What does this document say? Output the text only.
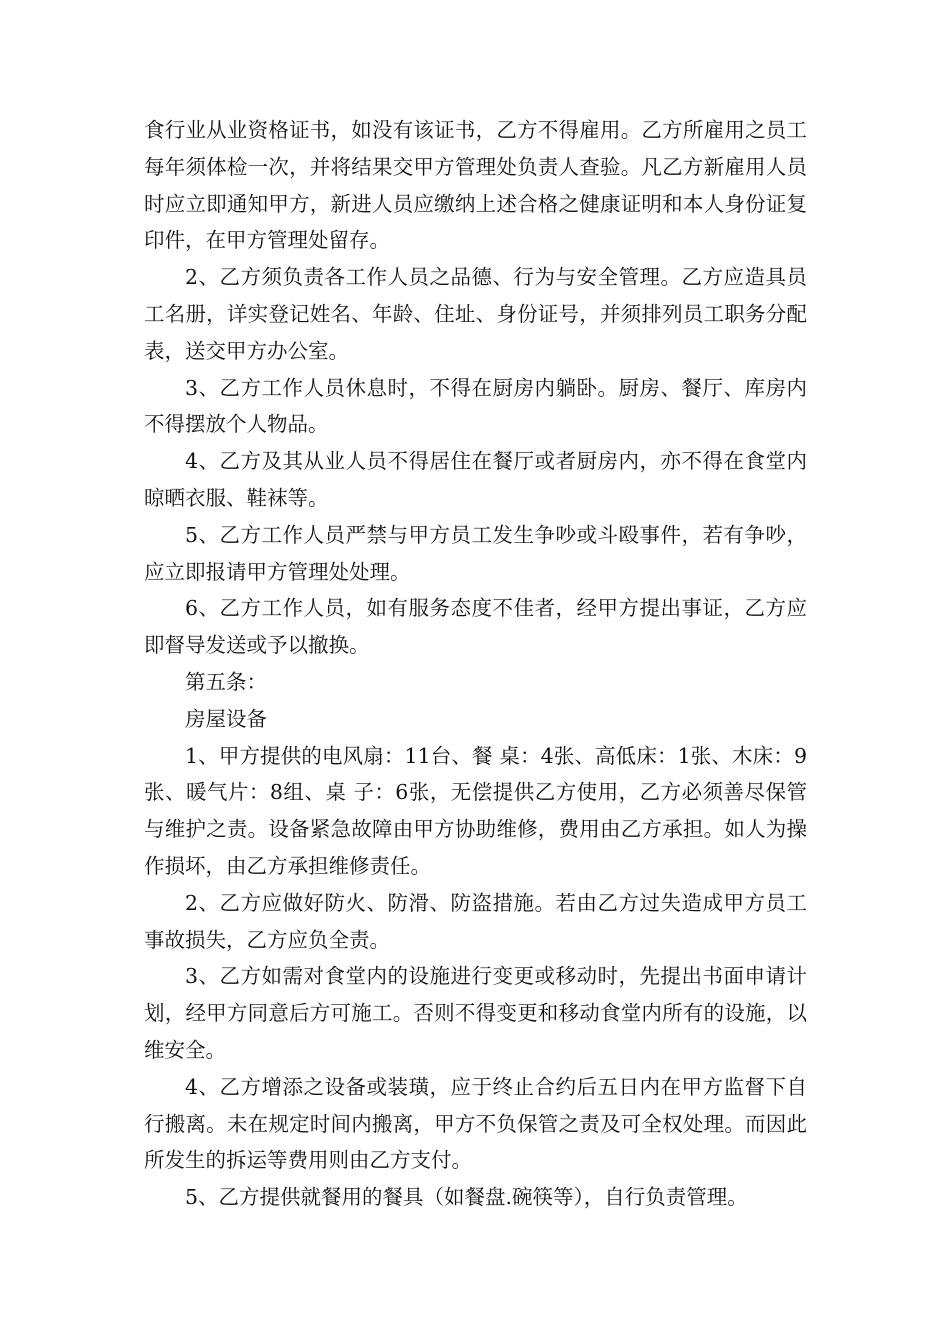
食行业从业资格证书，如没有该证书，乙方不得雇用。乙方所雇用之员工每年须体检一次，并将结果交甲方管理处负责人查验。凡乙方新雇用人员时应立即通知甲方，新进人员应缴纳上述合格之健康证明和本人身份证复印件，在甲方管理处留存。

2、乙方须负责各工作人员之品德、行为与安全管理。乙方应造具员工名册，详实登记姓名、年龄、住址、身份证号，并须排列员工职务分配表，送交甲方办公室。

3、乙方工作人员休息时，不得在厨房内躺卧。厨房、餐厅、库房内不得摆放个人物品。

4、乙方及其从业人员不得居住在餐厅或者厨房内，亦不得在食堂内晾晒衣服、鞋袜等。

5、乙方工作人员严禁与甲方员工发生争吵或斗殴事件，若有争吵，应立即报请甲方管理处处理。

6、乙方工作人员，如有服务态度不佳者，经甲方提出事证，乙方应即督导发送或予以撤换。

第五条：

房屋设备

1、甲方提供的电风扇：11台、餐 桌：4张、高低床：1张、木床：9张、暖气片：8组、桌 子：6张，无偿提供乙方使用，乙方必须善尽保管与维护之责。设备紧急故障由甲方协助维修，费用由乙方承担。如人为操作损坏，由乙方承担维修责任。

2、乙方应做好防火、防滑、防盗措施。若由乙方过失造成甲方员工事故损失，乙方应负全责。

3、乙方如需对食堂内的设施进行变更或移动时，先提出书面申请计划，经甲方同意后方可施工。否则不得变更和移动食堂内所有的设施，以维安全。

4、乙方增添之设备或装璜，应于终止合约后五日内在甲方监督下自行搬离。未在规定时间内搬离，甲方不负保管之责及可全权处理。而因此所发生的拆运等费用则由乙方支付。

5、乙方提供就餐用的餐具（如餐盘.碗筷等），自行负责管理。
